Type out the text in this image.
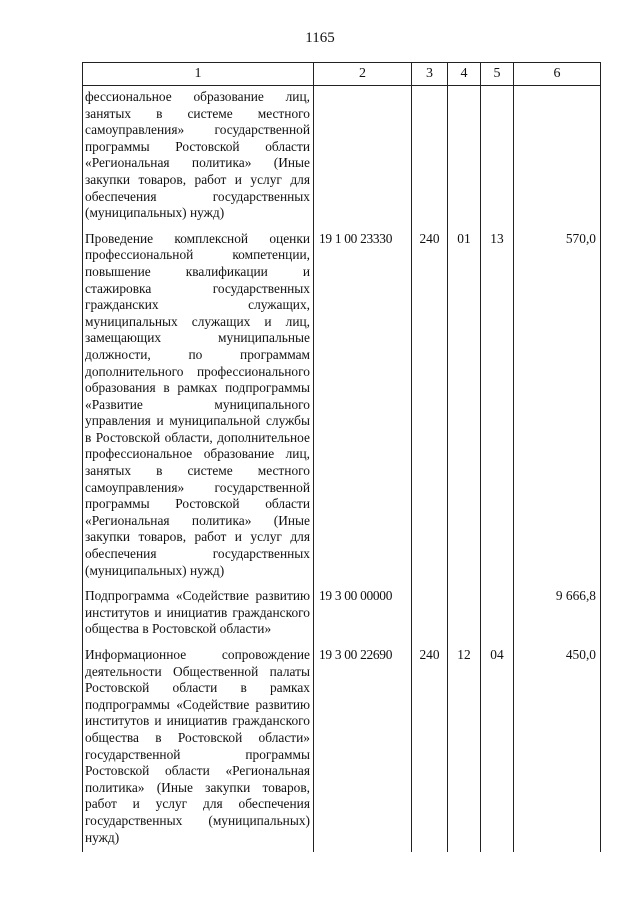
1165
1	2	3	4	5	6
фессиональное образование лиц, занятых в системе местного самоуправления» государственной программы Ростовской области «Региональная политика» (Иные закупки товаров, работ и услуг для обеспечения государственных (муниципальных) нужд)					
Проведение комплексной оценки профессиональной компетенции, повышение квалификации и стажировка государственных гражданских служащих, муниципальных служащих и лиц, замещающих муниципальные должности, по программам дополнительного профессионального образования в рамках подпрограммы «Развитие муниципального управления и муниципальной службы в Ростовской области, дополнительное профессиональное образование лиц, занятых в системе местного самоуправления» государственной программы Ростовской области «Региональная политика» (Иные закупки товаров, работ и услуг для обеспечения государственных (муниципальных) нужд)	19 1 00 23330	240	01	13	570,0
Подпрограмма «Содействие развитию институтов и инициатив гражданского общества в Ростовской области»	19 3 00 00000				9 666,8
Информационное сопровождение деятельности Общественной палаты Ростовской области в рамках подпрограммы «Содействие развитию институтов и инициатив гражданского общества в Ростовской области» государственной программы Ростовской области «Региональная политика» (Иные закупки товаров, работ и услуг для обеспечения государственных (муниципальных) нужд)	19 3 00 22690	240	12	04	450,0
